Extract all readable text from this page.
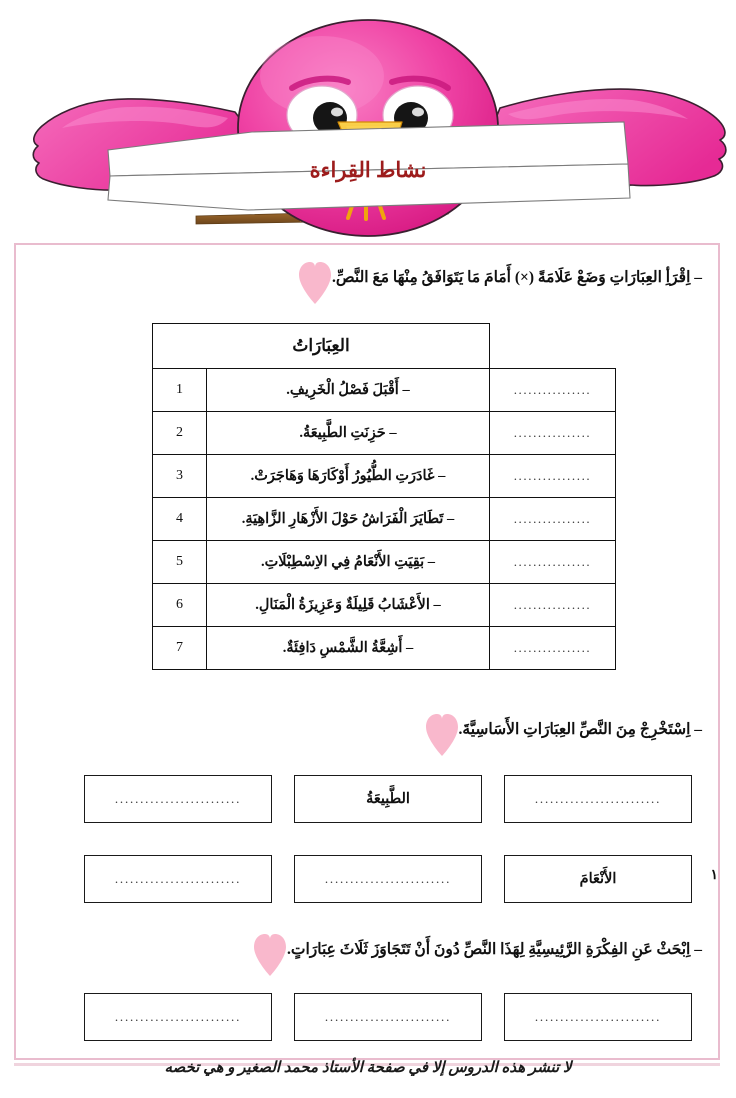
نشاط القِراءة
– اِقْرَأِ العِبَارَاتِ وَضَعْ عَلَامَةً (×) أَمَامَ مَا يَتَوَافَقُ مِنْهَا مَعَ النَّصِّ.
	العِبَارَاتُ	
................	– أَقْبَلَ فَصْلُ الْخَرِيفِ.	1
................	– حَزِنَتِ الطَّبِيعَةُ.	2
................	– غَادَرَتِ الطُّيُورُ أَوْكَارَهَا وَهَاجَرَتْ.	3
................	– تَطَايَرَ الْفَرَاشُ حَوْلَ الأَزْهَارِ الزَّاهِيَةِ.	4
................	– بَقِيَتِ الأَنْعَامُ فِي الاِسْطِبْلَاتِ.	5
................	– الأَعْشَابُ قَلِيلَةٌ وَعَزِيزَةُ الْمَنَالِ.	6
................	– أَشِعَّةُ الشَّمْسِ دَافِئَةٌ.	7
– اِسْتَخْرِجْ مِنَ النَّصِّ العِبَارَاتِ الأَسَاسِيَّةَ.
.........................	الطَّبِيعَةُ	.........................
.........................	.........................	الأَنْعَامَ	١
– اِبْحَثْ عَنِ الفِكْرَةِ الرَّئِيسِيَّةِ لِهَذَا النَّصِّ دُونَ أَنْ تَتَجَاوَزَ ثَلَاثَ عِبَارَاتٍ.
.........................	.........................	.........................
لا تنشر هذه الدروس إلا في صفحة الأستاذ محمد الصغير و هي تخصه
